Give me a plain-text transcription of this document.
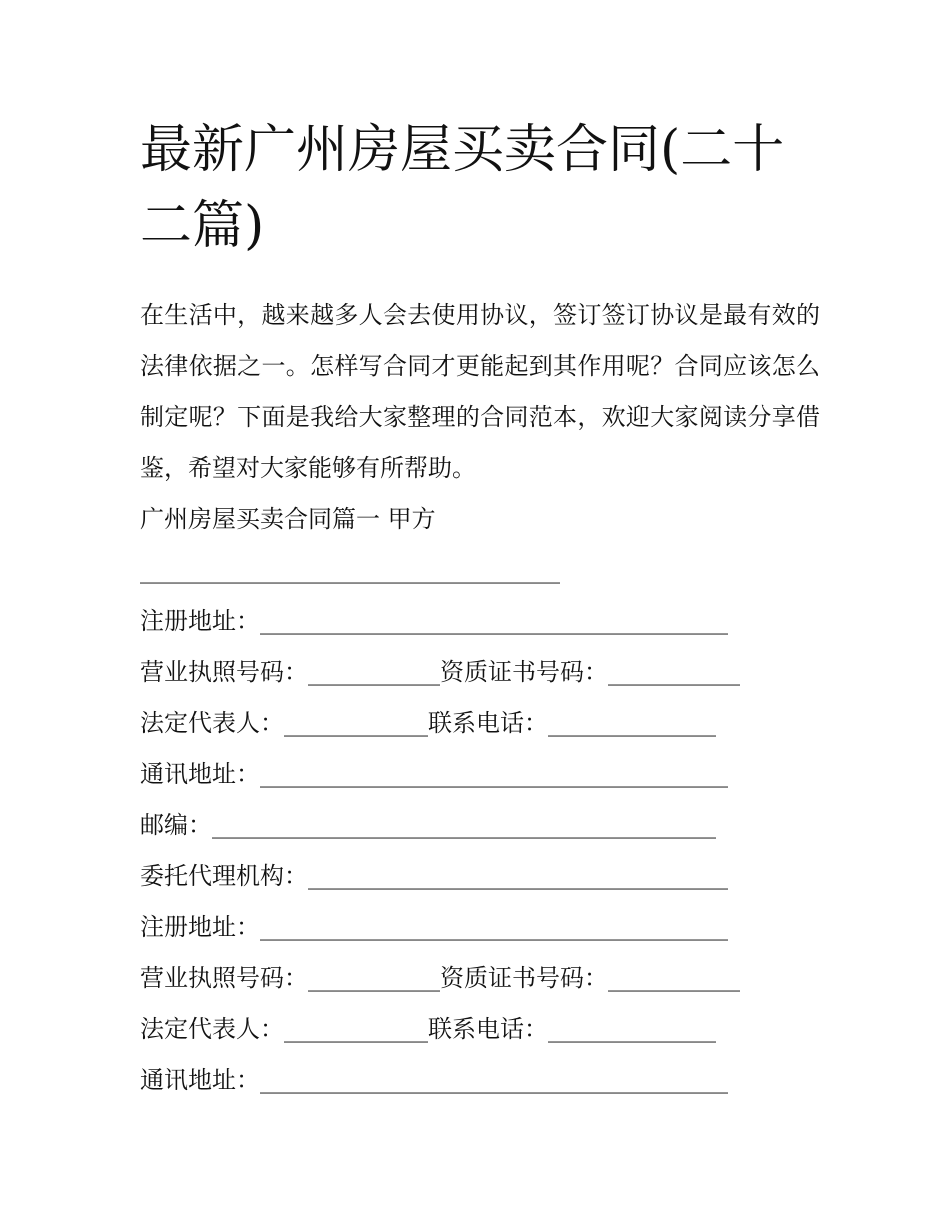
最新广州房屋买卖合同(二十二篇)

在生活中，越来越多人会去使用协议，签订签订协议是最有效的法律依据之一。怎样写合同才更能起到其作用呢？合同应该怎么制定呢？下面是我给大家整理的合同范本，欢迎大家阅读分享借鉴，希望对大家能够有所帮助。

广州房屋买卖合同篇一 甲方

___________________________________

注册地址：_______________________________________

营业执照号码：___________资质证书号码：___________

法定代表人：____________联系电话：______________

通讯地址：_______________________________________

邮编：__________________________________________

委托代理机构：___________________________________

注册地址：_______________________________________

营业执照号码：___________资质证书号码：___________

法定代表人：____________联系电话：______________

通讯地址：_______________________________________
